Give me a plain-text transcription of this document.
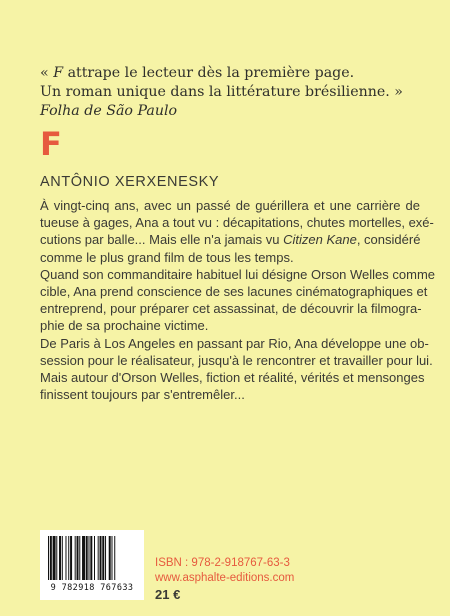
« F attrape le lecteur dès la première page.
Un roman unique dans la littérature brésilienne. »
Folha de São Paulo
F
ANTÔNIO XERXENESKY
À vingt-cinq ans, avec un passé de guérillera et une carrière de
tueuse à gages, Ana a tout vu : décapitations, chutes mortelles, exé-
cutions par balle... Mais elle n'a jamais vu Citizen Kane, considéré
comme le plus grand film de tous les temps.
Quand son commanditaire habituel lui désigne Orson Welles comme
cible, Ana prend conscience de ses lacunes cinématographiques et
entreprend, pour préparer cet assassinat, de découvrir la filmogra-
phie de sa prochaine victime.
De Paris à Los Angeles en passant par Rio, Ana développe une ob-
session pour le réalisateur, jusqu'à le rencontrer et travailler pour lui.
Mais autour d'Orson Welles, fiction et réalité, vérités et mensonges
finissent toujours par s'entremêler...
9 782918 767633
ISBN : 978-2-918767-63-3
www.asphalte-editions.com
21 €
